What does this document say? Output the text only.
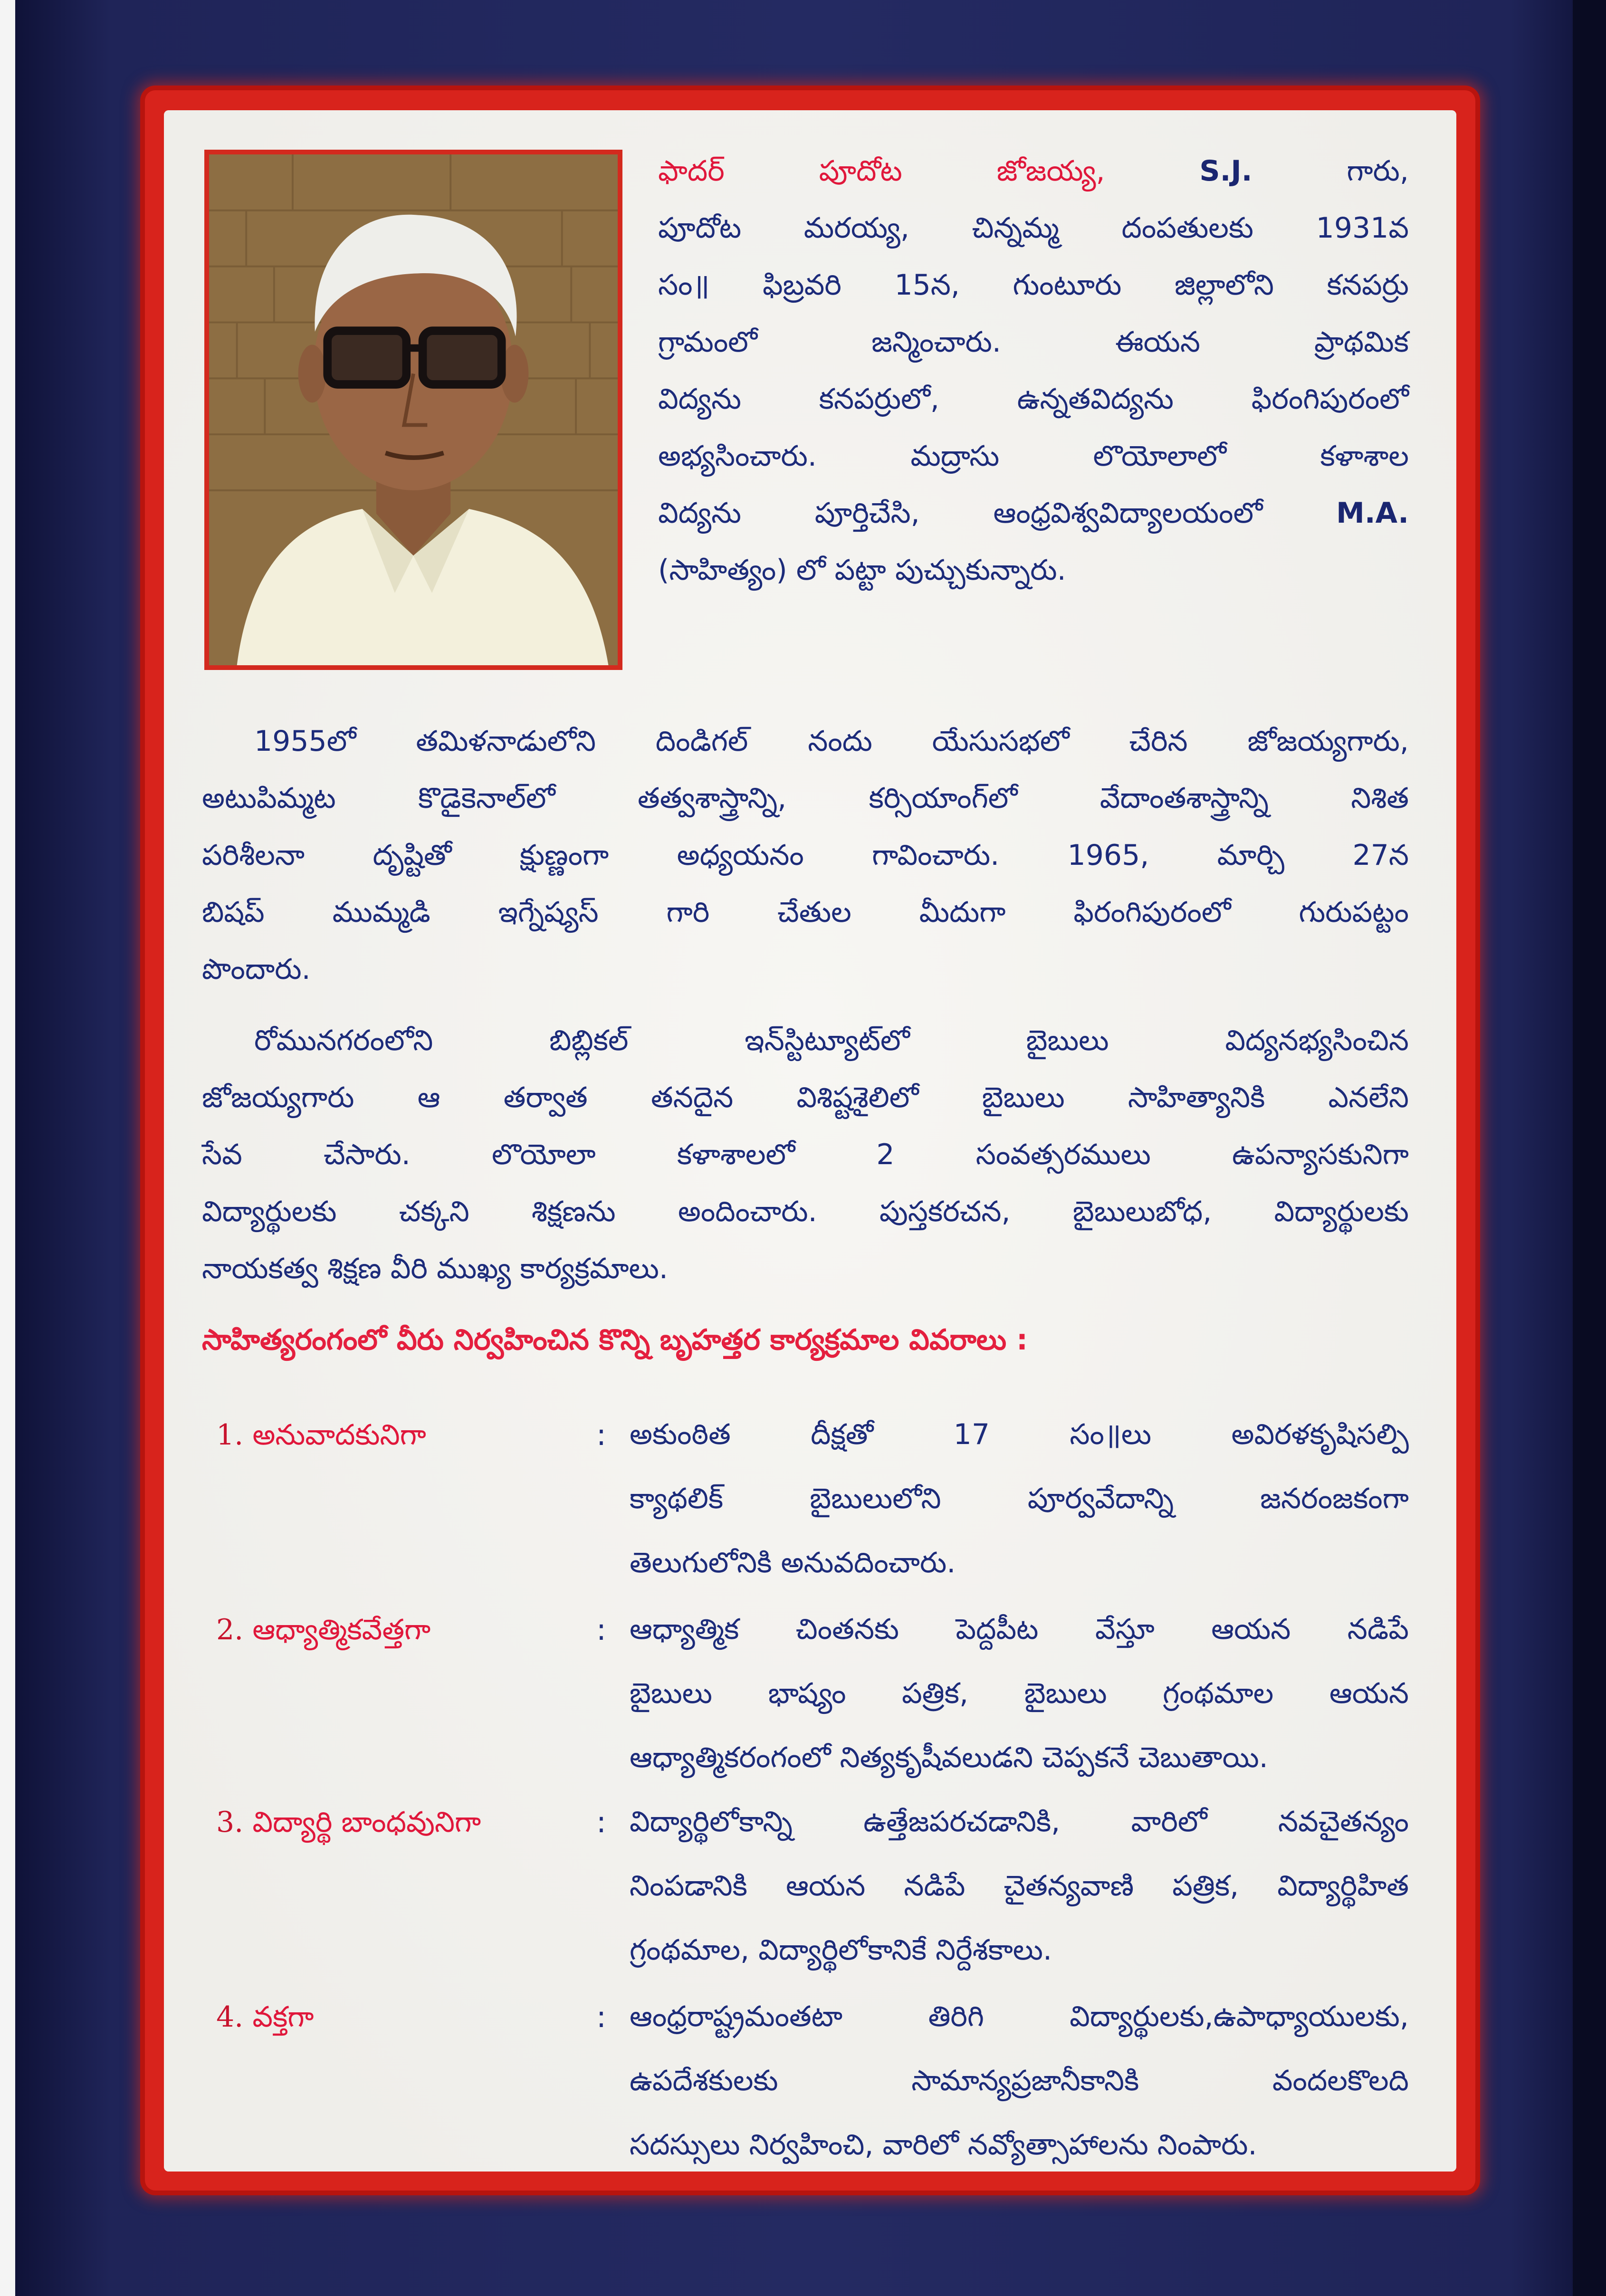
ఫాదర్ పూదోట జోజయ్య, S.J. గారు,
పూదోట మరయ్య, చిన్నమ్మ దంపతులకు 1931వ
సం॥ ఫిబ్రవరి 15న, గుంటూరు జిల్లాలోని కనపర్రు
గ్రామంలో జన్మించారు. ఈయన ప్రాథమిక
విద్యను కనపర్రులో, ఉన్నతవిద్యను ఫిరంగిపురంలో
అభ్యసించారు. మద్రాసు లొయోలాలో కళాశాల
విద్యను పూర్తిచేసి, ఆంధ్రవిశ్వవిద్యాలయంలో M.A.
(సాహిత్యం) లో పట్టా పుచ్చుకున్నారు.
1955లో తమిళనాడులోని దిండిగల్ నందు యేసుసభలో చేరిన జోజయ్యగారు,
అటుపిమ్మట కొడైకెనాల్‌లో తత్వశాస్త్రాన్ని, కర్సియాంగ్‌లో వేదాంతశాస్త్రాన్ని నిశిత
పరిశీలనా దృష్టితో క్షుణ్ణంగా అధ్యయనం గావించారు. 1965, మార్చి 27న
బిషప్ ముమ్మడి ఇగ్నేష్యస్ గారి చేతుల మీదుగా ఫిరంగిపురంలో గురుపట్టం
పొందారు.
రోమునగరంలోని బిబ్లికల్ ఇన్‌స్టిట్యూట్‌లో బైబులు విద్యనభ్యసించిన
జోజయ్యగారు ఆ తర్వాత తనదైన విశిష్టశైలిలో బైబులు సాహిత్యానికి ఎనలేని
సేవ చేసారు. లొయోలా కళాశాలలో 2 సంవత్సరములు ఉపన్యాసకునిగా
విద్యార్థులకు చక్కని శిక్షణను అందించారు. పుస్తకరచన, బైబులుబోధ, విద్యార్థులకు
నాయకత్వ శిక్షణ వీరి ముఖ్య కార్యక్రమాలు.
సాహిత్యరంగంలో వీరు నిర్వహించిన కొన్ని బృహత్తర కార్యక్రమాల వివరాలు :
1. అనువాదకునిగా	: అకుంఠిత దీక్షతో 17 సం॥లు అవిరళకృషిసల్పి
క్యాథలిక్ బైబులులోని పూర్వవేదాన్ని జనరంజకంగా
తెలుగులోనికి అనువదించారు.
2. ఆధ్యాత్మికవేత్తగా	: ఆధ్యాత్మిక చింతనకు పెద్దపీట వేస్తూ ఆయన నడిపే
బైబులు భాష్యం పత్రిక, బైబులు గ్రంథమాల ఆయన
ఆధ్యాత్మికరంగంలో నిత్యకృషీవలుడని చెప్పకనే చెబుతాయి.
3. విద్యార్థి బాంధవునిగా	: విద్యార్థిలోకాన్ని ఉత్తేజపరచడానికి, వారిలో నవచైతన్యం
నింపడానికి ఆయన నడిపే చైతన్యవాణి పత్రిక, విద్యార్థిహిత
గ్రంథమాల, విద్యార్థిలోకానికే నిర్దేశకాలు.
4. వక్తగా	: ఆంధ్రరాష్ట్రమంతటా తిరిగి విద్యార్థులకు,ఉపాధ్యాయులకు,
ఉపదేశకులకు సామాన్యప్రజానీకానికి వందలకొలది
సదస్సులు నిర్వహించి, వారిలో నవ్యోత్సాహాలను నింపారు.
